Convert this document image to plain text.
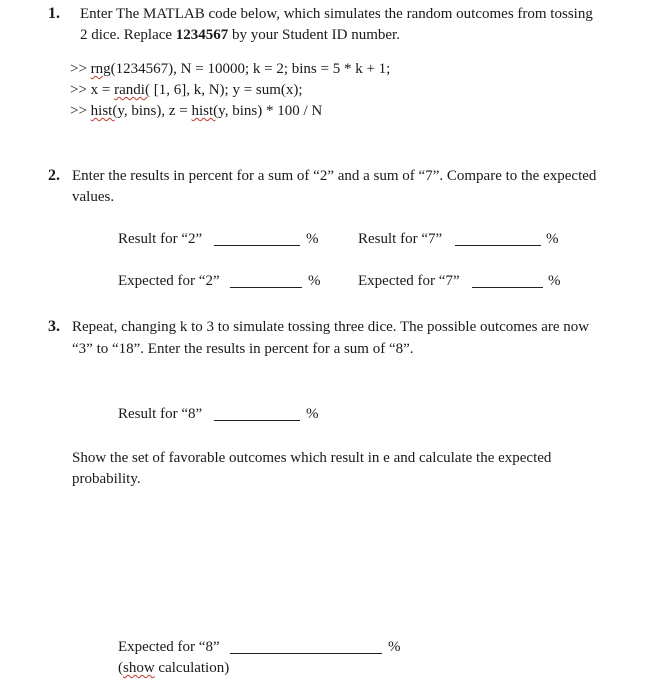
1. Enter The MATLAB code below, which simulates the random outcomes from tossing
2 dice. Replace 1234567 by your Student ID number.
>> rng(1234567), N = 10000; k = 2; bins = 5 * k + 1;
>> x = randi( [1, 6], k, N); y = sum(x);
>> hist(y, bins), z = hist(y, bins) * 100 / N
2. Enter the results in percent for a sum of “2” and a sum of “7”. Compare to the expected
values.
Result for “2”	%	Result for “7”	%
Expected for “2”	%	Expected for “7”	%
3. Repeat, changing k to 3 to simulate tossing three dice. The possible outcomes are now
“3” to “18”. Enter the results in percent for a sum of “8”.
Result for “8”	%
Show the set of favorable outcomes which result in e and calculate the expected
probability.
Expected for “8”	%
(show calculation)
